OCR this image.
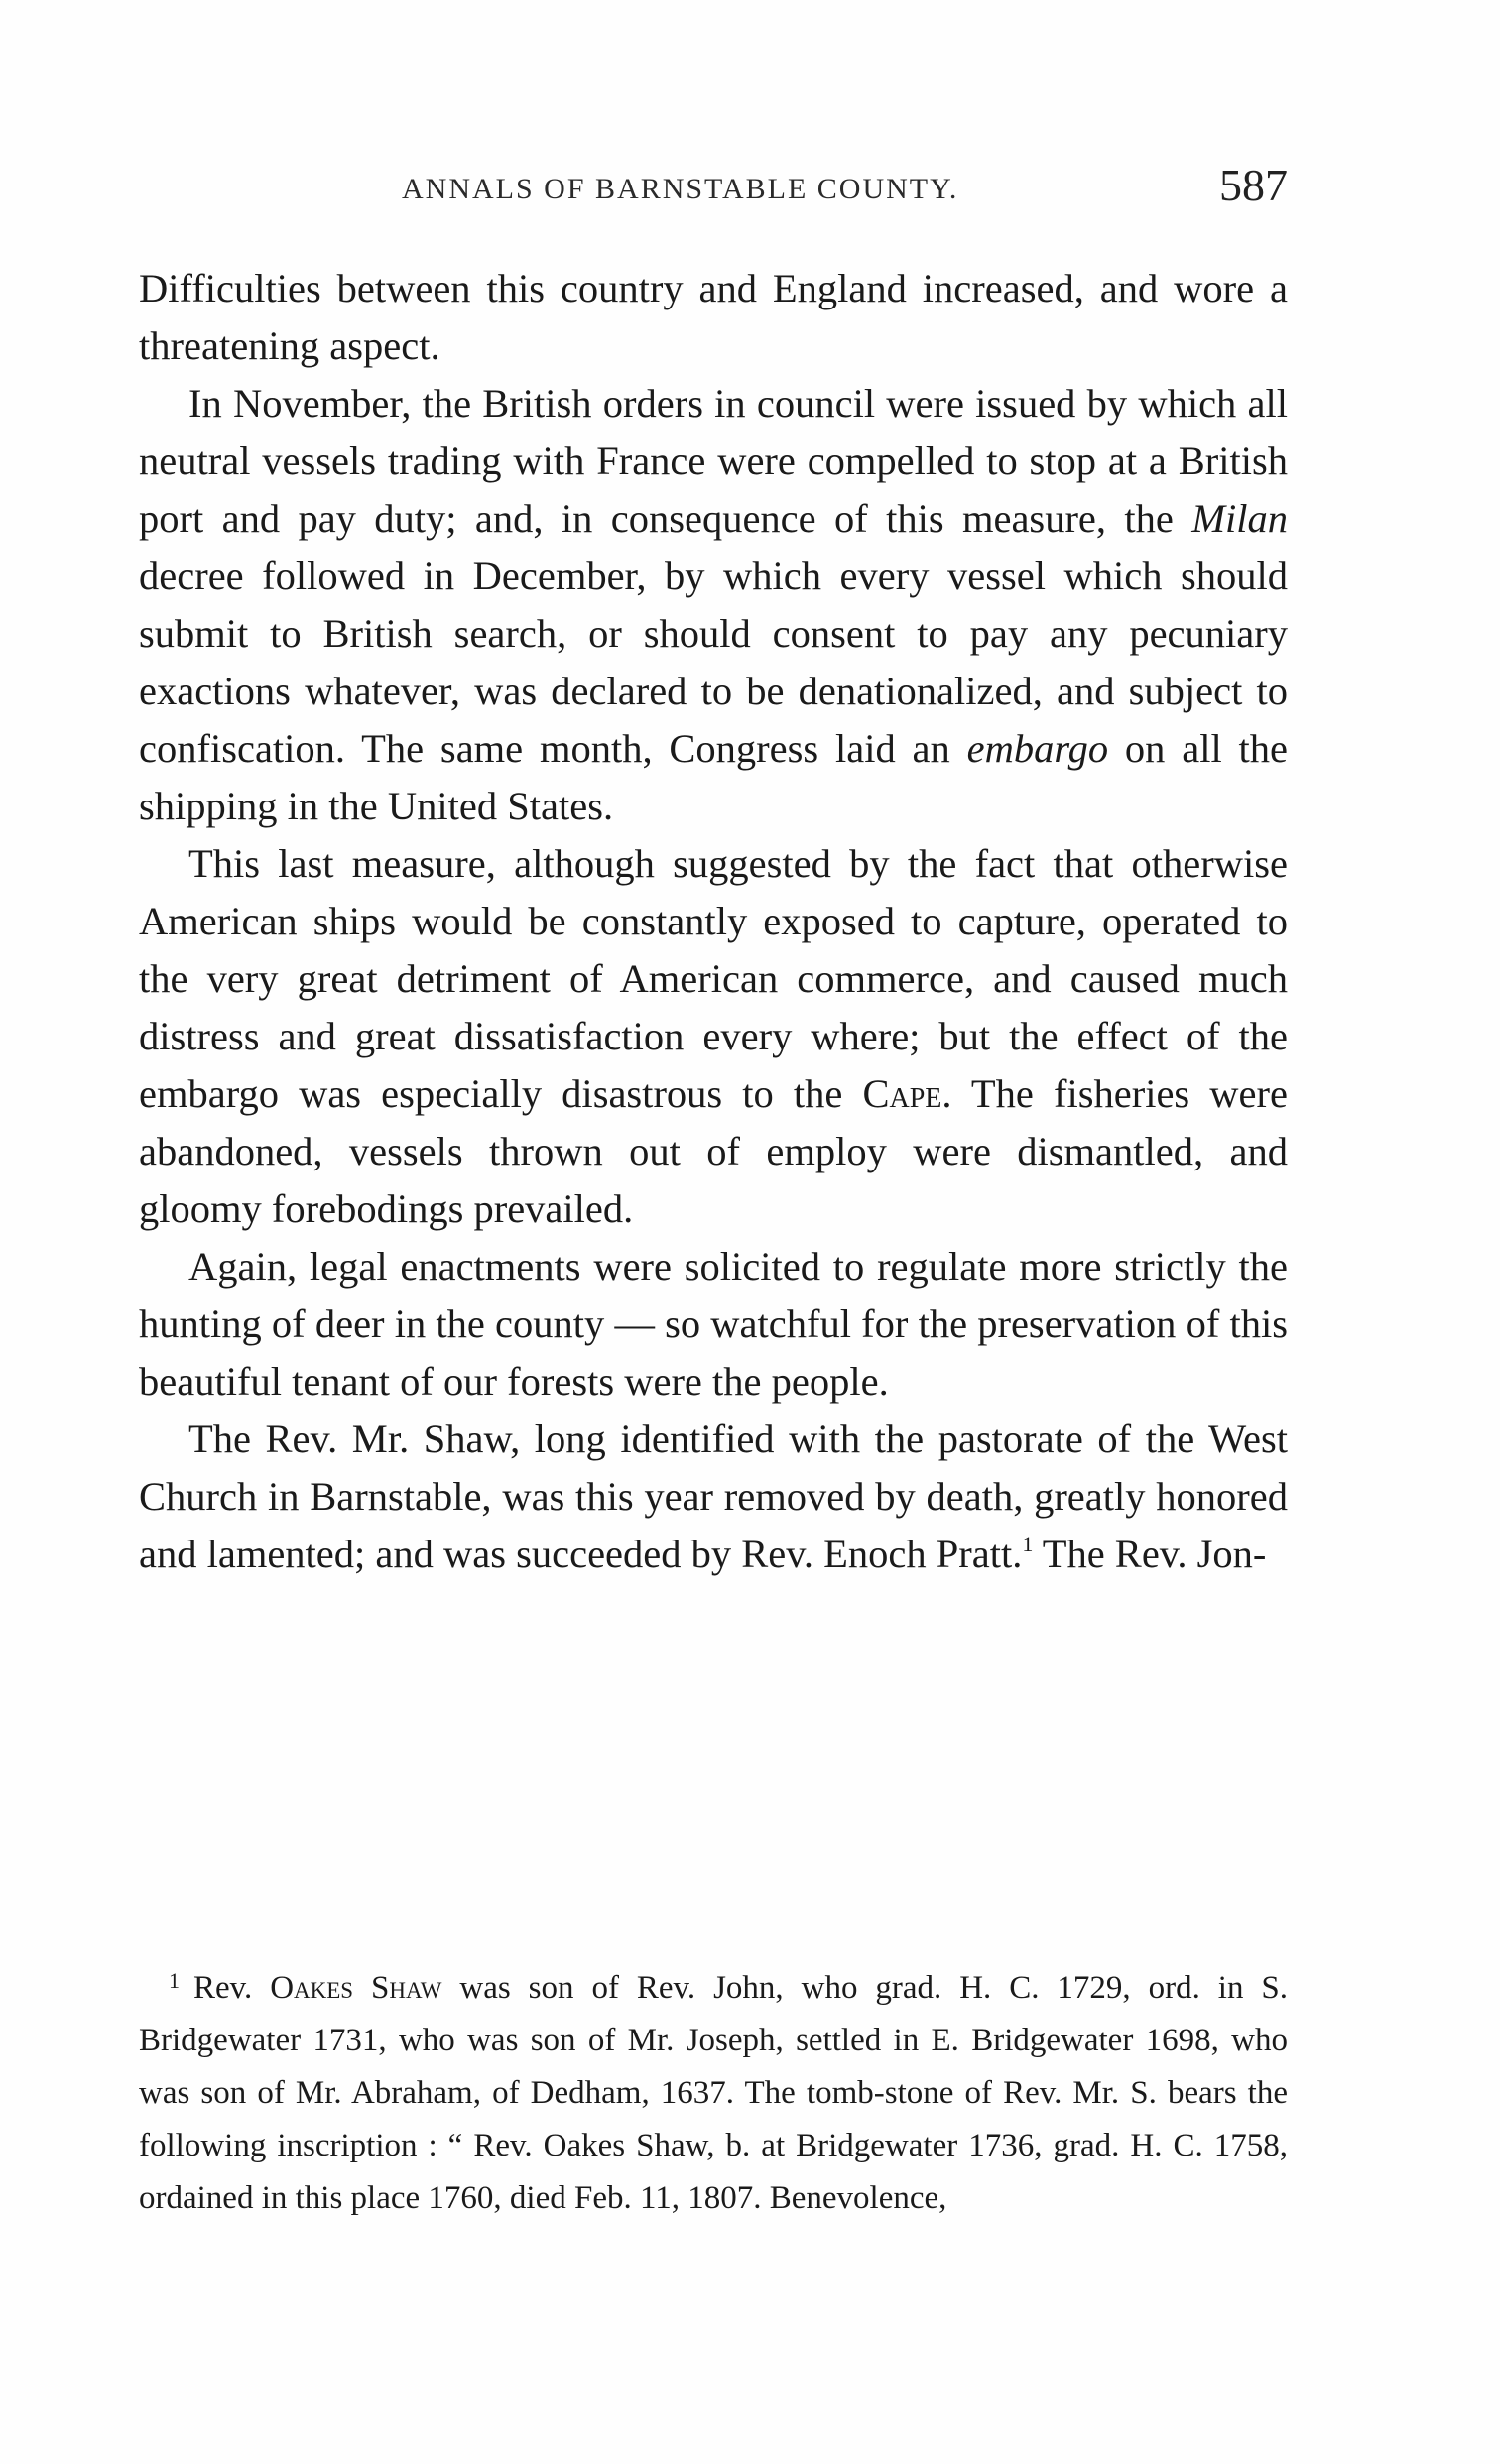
ANNALS OF BARNSTABLE COUNTY.	587

Difficulties between this country and England increased, and wore a threatening aspect.

In November, the British orders in council were issued by which all neutral vessels trading with France were compelled to stop at a British port and pay duty; and, in consequence of this measure, the Milan decree followed in December, by which every vessel which should submit to British search, or should consent to pay any pecuniary exactions whatever, was declared to be denationalized, and subject to confiscation. The same month, Congress laid an embargo on all the shipping in the United States.

This last measure, although suggested by the fact that otherwise American ships would be constantly exposed to capture, operated to the very great detriment of American commerce, and caused much distress and great dissatisfaction every where; but the effect of the embargo was especially disastrous to the Cape. The fisheries were abandoned, vessels thrown out of employ were dismantled, and gloomy forebodings prevailed.

Again, legal enactments were solicited to regulate more strictly the hunting of deer in the county — so watchful for the preservation of this beautiful tenant of our forests were the people.

The Rev. Mr. Shaw, long identified with the pastorate of the West Church in Barnstable, was this year removed by death, greatly honored and lamented; and was succeeded by Rev. Enoch Pratt.$^1$ The Rev. Jon-

$^1$ Rev. Oakes Shaw was son of Rev. John, who grad. H. C. 1729, ord. in S. Bridgewater 1731, who was son of Mr. Joseph, settled in E. Bridgewater 1698, who was son of Mr. Abraham, of Dedham, 1637. The tomb-stone of Rev. Mr. S. bears the following inscription : “ Rev. Oakes Shaw, b. at Bridgewater 1736, grad. H. C. 1758, ordained in this place 1760, died Feb. 11, 1807. Benevolence,
